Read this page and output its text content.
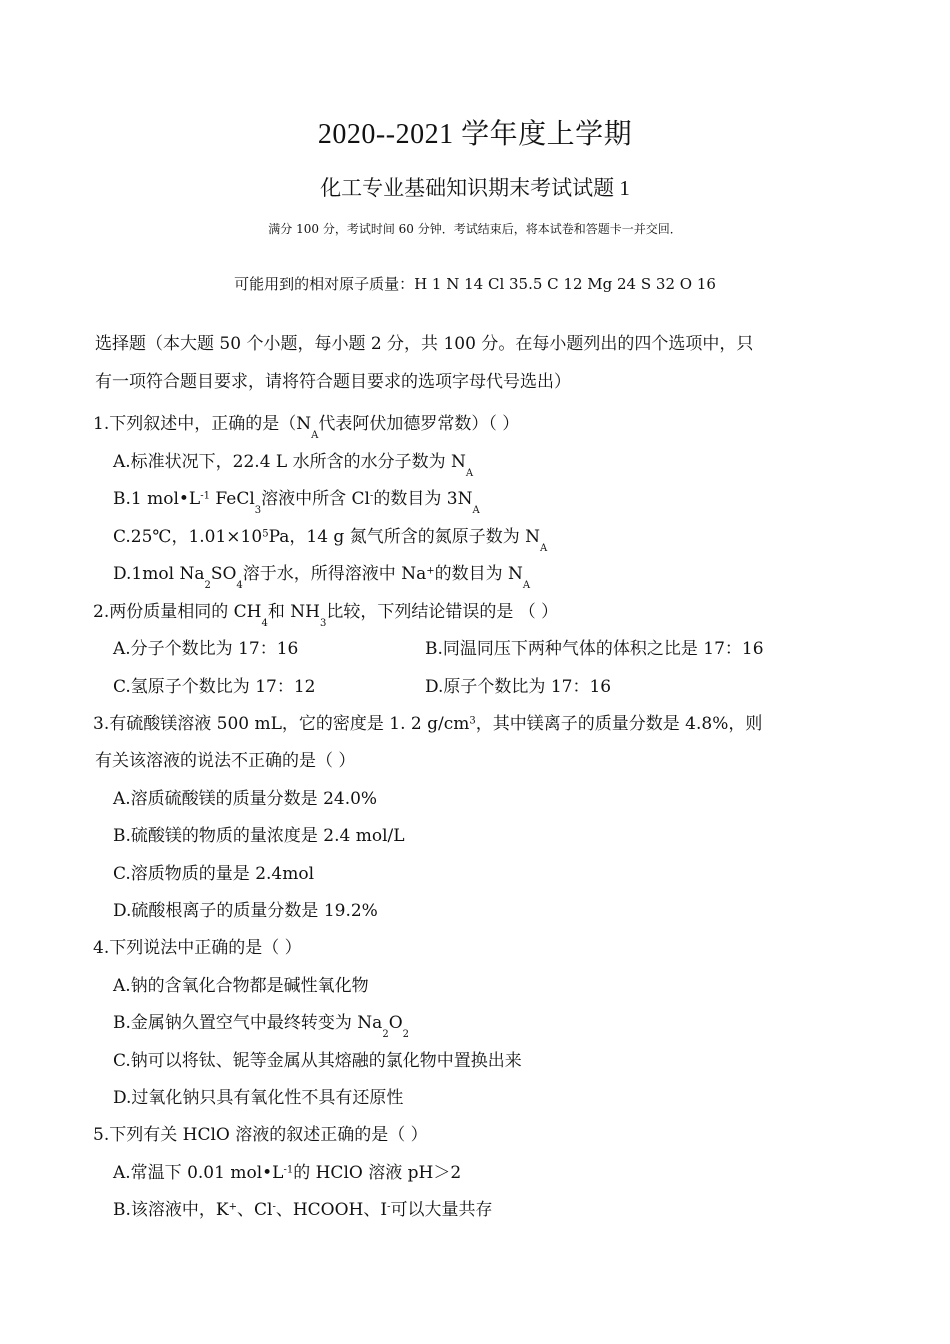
2020--2021 学年度上学期
化工专业基础知识期末考试试题 1
满分 100 分，考试时间 60 分钟．考试结束后，将本试卷和答题卡一并交回．
可能用到的相对原子质量：H 1 N 14 Cl 35.5 C 12 Mg 24 S 32 O 16
选择题（本大题 50 个小题，每小题 2 分，共 100 分。在每小题列出的四个选项中，只
有一项符合题目要求，请将符合题目要求的选项字母代号选出）
1.下列叙述中，正确的是（$N_A$代表阿伏加德罗常数）（ ）
A.标准状况下，22.4 L 水所含的水分子数为 $N_A$
B.1 $mol•L^{-1}$ FeCl$_3$溶液中所含 Cl-的数目为 $3N_A$
C.25℃，$1.01\times 10^5Pa$，14 g 氮气所含的氮原子数为 $N_A$
D.1mol $Na_2SO_4$溶于水，所得溶液中 Na+的数目为 $N_A$
2.两份质量相同的 $CH_4$和 $NH_3$比较，下列结论错误的是 （ ）
A.分子个数比为 17：16	B.同温同压下两种气体的体积之比是 17：16
C.氢原子个数比为 17：12	D.原子个数比为 17：16
3.有硫酸镁溶液 500 mL，它的密度是 1. 2 $g/cm^3$，其中镁离子的质量分数是 4.8%，则
有关该溶液的说法不正确的是（ ）
A.溶质硫酸镁的质量分数是 24.0%
B.硫酸镁的物质的量浓度是 2.4 mol/L
C.溶质物质的量是 2.4mol
D.硫酸根离子的质量分数是 19.2%
4.下列说法中正确的是（ ）
A.钠的含氧化合物都是碱性氧化物
B.金属钠久置空气中最终转变为 $Na_2O_2$
C.钠可以将钛、铌等金属从其熔融的氯化物中置换出来
D.过氧化钠只具有氧化性不具有还原性
5.下列有关 HClO 溶液的叙述正确的是（ ）
A.常温下 0.01 $mol•L^{-1}$的 HClO 溶液 pH＞2
B.该溶液中，K+、Cl-、HCOOH、I-可以大量共存
